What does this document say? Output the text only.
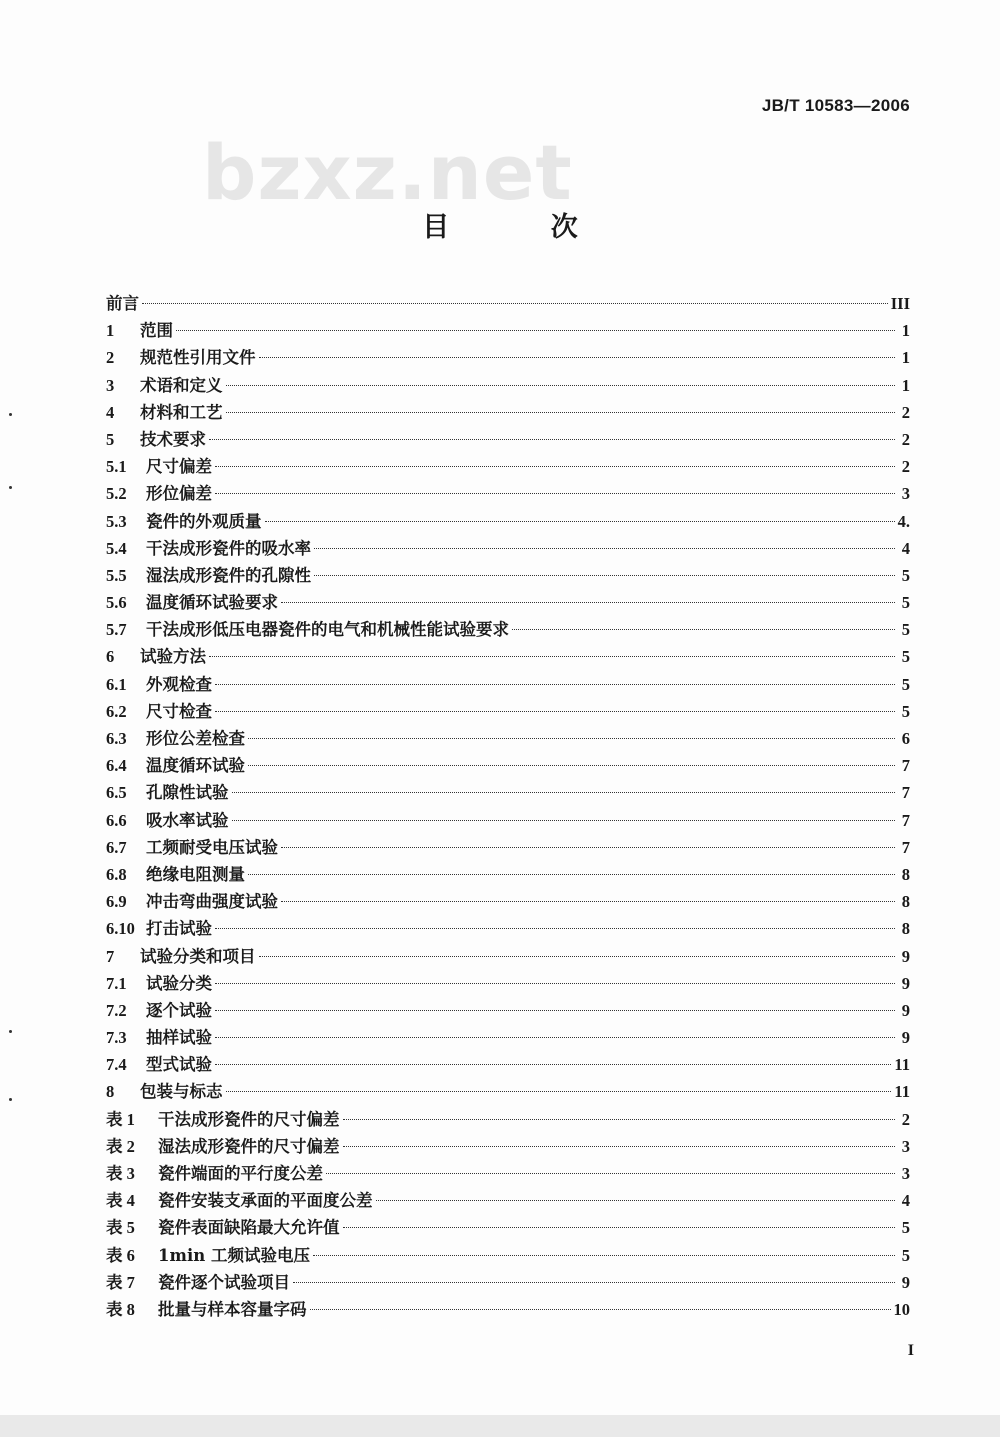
bzxz.net
JB/T 10583—2006
目 次
前言	III
1	范围	1
2	规范性引用文件	1
3	术语和定义	1
4	材料和工艺	2
5	技术要求	2
5.1	尺寸偏差	2
5.2	形位偏差	3
5.3	瓷件的外观质量	4.
5.4	干法成形瓷件的吸水率	4
5.5	湿法成形瓷件的孔隙性	5
5.6	温度循环试验要求	5
5.7	干法成形低压电器瓷件的电气和机械性能试验要求	5
6	试验方法	5
6.1	外观检查	5
6.2	尺寸检查	5
6.3	形位公差检查	6
6.4	温度循环试验	7
6.5	孔隙性试验	7
6.6	吸水率试验	7
6.7	工频耐受电压试验	7
6.8	绝缘电阻测量	8
6.9	冲击弯曲强度试验	8
6.10 打击试验	8
7	试验分类和项目	9
7.1	试验分类	9
7.2	逐个试验	9
7.3	抽样试验	9
7.4	型式试验	11
8	包装与标志	11
表 1	干法成形瓷件的尺寸偏差	2
表 2	湿法成形瓷件的尺寸偏差	3
表 3	瓷件端面的平行度公差	3
表 4	瓷件安装支承面的平面度公差	4
表 5	瓷件表面缺陷最大允许值	5
表 6	1min 工频试验电压	5
表 7	瓷件逐个试验项目	9
表 8	批量与样本容量字码	10
I
